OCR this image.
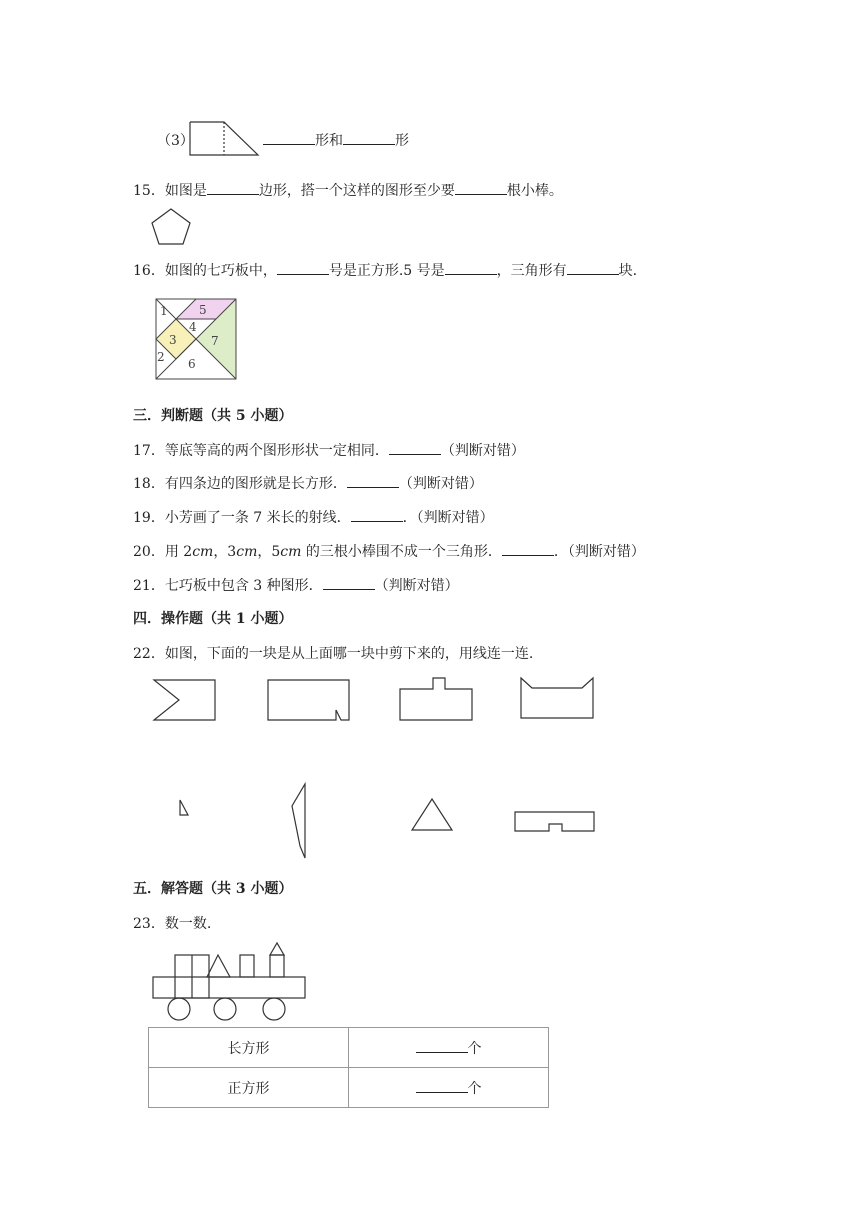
（3）	形和	形
15．如图是	边形，搭一个这样的图形至少要	根小棒。
16．如图的七巧板中，	号是正方形.5 号是	，三角形有	块.
1	5
4
3	7
2 6
三．判断题（共 5 小题）
17．等底等高的两个图形形状一定相同．	（判断对错）
18．有四条边的图形就是长方形．	（判断对错）
19．小芳画了一条 7 米长的射线．	．（判断对错）
20．用 2cm，3cm，5cm 的三根小棒围不成一个三角形．	．（判断对错）
21．七巧板中包含 3 种图形．	（判断对错）
四．操作题（共 1 小题）
22．如图，下面的一块是从上面哪一块中剪下来的，用线连一连.
五．解答题（共 3 小题）
23．数一数.
长方形	个
正方形	个
